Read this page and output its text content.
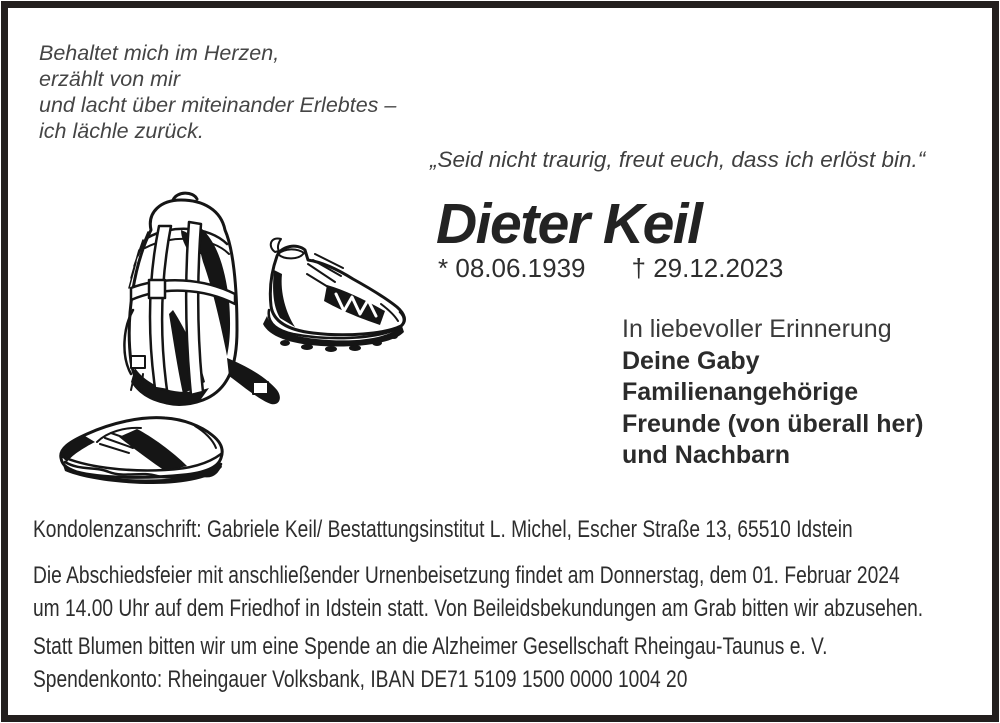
Behaltet mich im Herzen,
erzählt von mir
und lacht über miteinander Erlebtes –
ich lächle zurück.
„Seid nicht traurig, freut euch, dass ich erlöst bin.“
Dieter Keil
* 08.06.1939 † 29.12.2023
In liebevoller Erinnerung
Deine Gaby
Familienangehörige
Freunde (von überall her)
und Nachbarn

Kondolenzanschrift: Gabriele Keil/ Bestattungsinstitut L. Michel, Escher Straße 13, 65510 Idstein

Die Abschiedsfeier mit anschließender Urnenbeisetzung findet am Donnerstag, dem 01. Februar 2024
um 14.00 Uhr auf dem Friedhof in Idstein statt. Von Beileidsbekundungen am Grab bitten wir abzusehen.

Statt Blumen bitten wir um eine Spende an die Alzheimer Gesellschaft Rheingau-Taunus e. V.
Spendenkonto: Rheingauer Volksbank, IBAN DE71 5109 1500 0000 1004 20
